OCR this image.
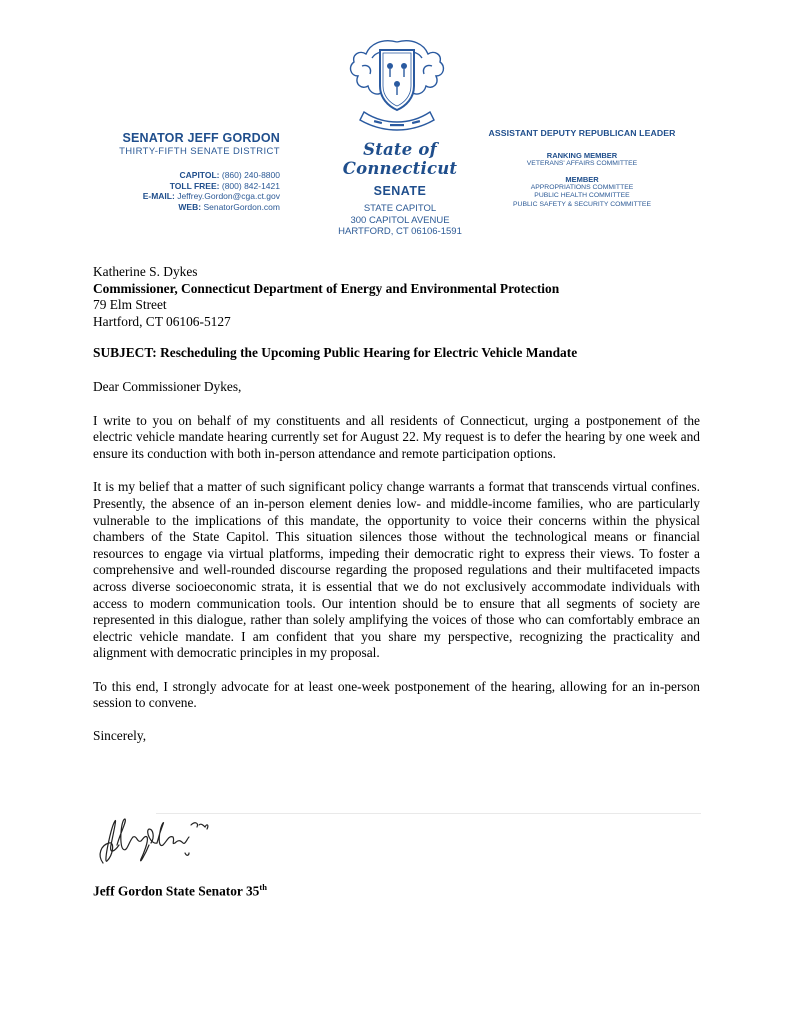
SENATOR JEFF GORDON
THIRTY-FIFTH SENATE DISTRICT
CAPITOL: (860) 240-8800
TOLL FREE: (800) 842-1421
E-MAIL: Jeffrey.Gordon@cga.ct.gov
WEB: SenatorGordon.com
State of Connecticut
SENATE
STATE CAPITOL
300 CAPITOL AVENUE
HARTFORD, CT 06106-1591
ASSISTANT DEPUTY REPUBLICAN LEADER
RANKING MEMBER
VETERANS' AFFAIRS COMMITTEE
MEMBER
APPROPRIATIONS COMMITTEE
PUBLIC HEALTH COMMITTEE
PUBLIC SAFETY & SECURITY COMMITTEE
Katherine S. Dykes
Commissioner, Connecticut Department of Energy and Environmental Protection
79 Elm Street
Hartford, CT 06106-5127
SUBJECT: Rescheduling the Upcoming Public Hearing for Electric Vehicle Mandate
Dear Commissioner Dykes,
I write to you on behalf of my constituents and all residents of Connecticut, urging a postponement of the electric vehicle mandate hearing currently set for August 22. My request is to defer the hearing by one week and ensure its conduction with both in-person attendance and remote participation options.
It is my belief that a matter of such significant policy change warrants a format that transcends virtual confines. Presently, the absence of an in-person element denies low- and middle-income families, who are particularly vulnerable to the implications of this mandate, the opportunity to voice their concerns within the physical chambers of the State Capitol. This situation silences those without the technological means or financial resources to engage via virtual platforms, impeding their democratic right to express their views. To foster a comprehensive and well-rounded discourse regarding the proposed regulations and their multifaceted impacts across diverse socioeconomic strata, it is essential that we do not exclusively accommodate individuals with access to modern communication tools. Our intention should be to ensure that all segments of society are represented in this dialogue, rather than solely amplifying the voices of those who can comfortably embrace an electric vehicle mandate. I am confident that you share my perspective, recognizing the practicality and alignment with democratic principles in my proposal.
To this end, I strongly advocate for at least one-week postponement of the hearing, allowing for an in-person session to convene.
Sincerely,
Jeff Gordon State Senator 35th
